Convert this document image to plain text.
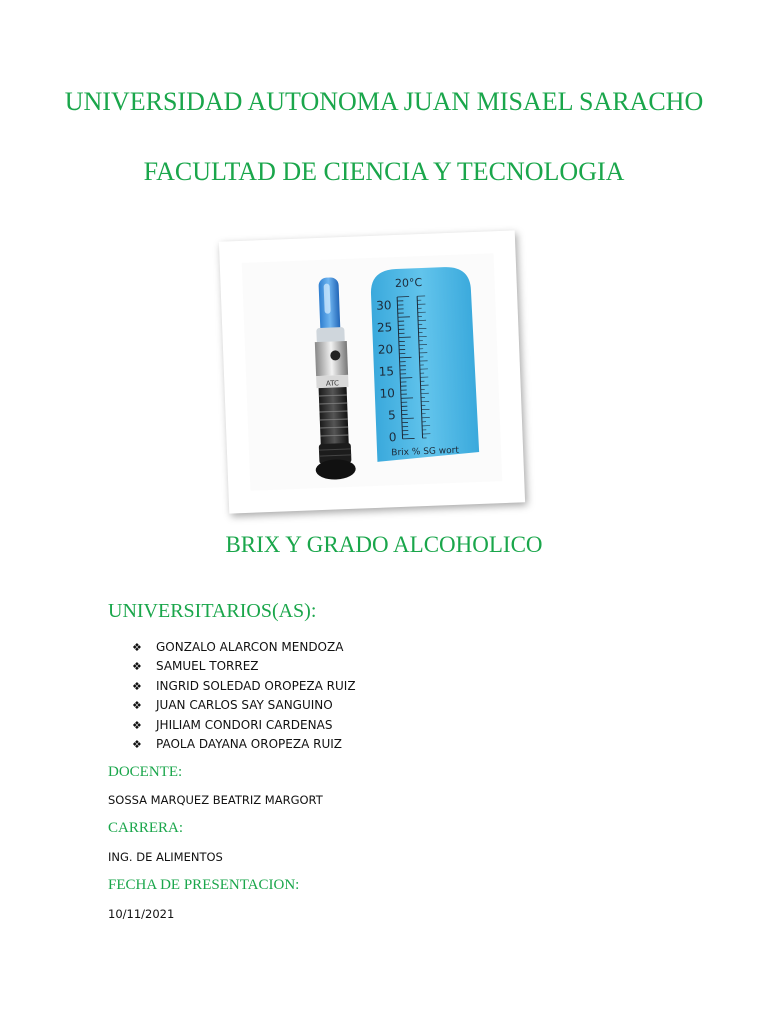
UNIVERSIDAD AUTONOMA JUAN MISAEL SARACHO
FACULTAD DE CIENCIA Y TECNOLOGIA
ATC
20°C
30
25
20
15
10
5
0
Brix % SG wort
BRIX Y GRADO ALCOHOLICO
UNIVERSITARIOS(AS):
❖	GONZALO ALARCON MENDOZA
❖	SAMUEL TORREZ
❖	INGRID SOLEDAD OROPEZA RUIZ
❖	JUAN CARLOS SAY SANGUINO
❖	JHILIAM CONDORI CARDENAS
❖	PAOLA DAYANA OROPEZA RUIZ
DOCENTE:
SOSSA MARQUEZ BEATRIZ MARGORT
CARRERA:
ING. DE ALIMENTOS
FECHA DE PRESENTACION:
10/11/2021
